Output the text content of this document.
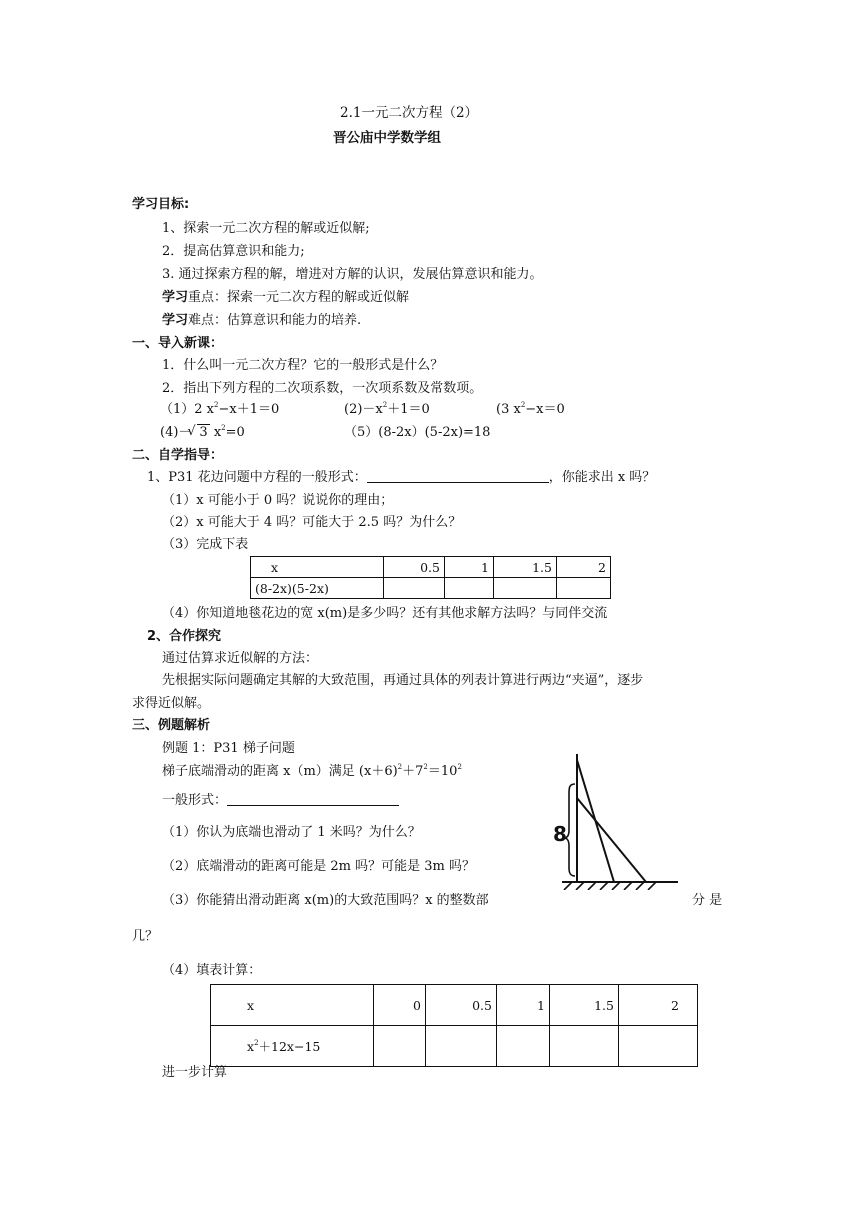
2.1一元二次方程（2）
晋公庙中学数学组
学习目标:
1、探索一元二次方程的解或近似解;
2．提高估算意识和能力;
3. 通过探索方程的解，增进对方解的认识，发展估算意识和能力。
学习重点：探索一元二次方程的解或近似解
学习难点：估算意识和能力的培养.
一、导入新课：
1．什么叫一元二次方程？它的一般形式是什么？
2．指出下列方程的二次项系数，一次项系数及常数项。
（1）2 $x^2-x+1=0$	$(2)-x^2+1=0$	(3 $x^2-x=0$
(4)－ √ 3 $x^2=0$	（5）(8-2x）(5-2x)=18
二、自学指导：
1、P31 花边问题中方程的一般形式：	，你能求出 x 吗？
（1）x 可能小于 0 吗？说说你的理由；
（2）x 可能大于 4 吗？可能大于 2.5 吗？为什么？
（3）完成下表
x	0.5	1	1.5	2
(8-2x)(5-2x)				
（4）你知道地毯花边的宽 x(m)是多少吗？还有其他求解方法吗？与同伴交流
2、合作探究
通过估算求近似解的方法：
先根据实际问题确定其解的大致范围，再通过具体的列表计算进行两边“夹逼”，逐步
求得近似解。
三、例题解析
例题 1：P31 梯子问题
梯子底端滑动的距离 x（m）满足 $(x+6)^2+7^2=10^2$
一般形式：
（1）你认为底端也滑动了 1 米吗？为什么？
（2）底端滑动的距离可能是 2m 吗？可能是 3m 吗？
（3）你能猜出滑动距离 x(m)的大致范围吗？x 的整数部	分 是
几？
8
（4）填表计算：
x	0	0.5	1	1.5	2
$x^2+12x-15$					
进一步计算
